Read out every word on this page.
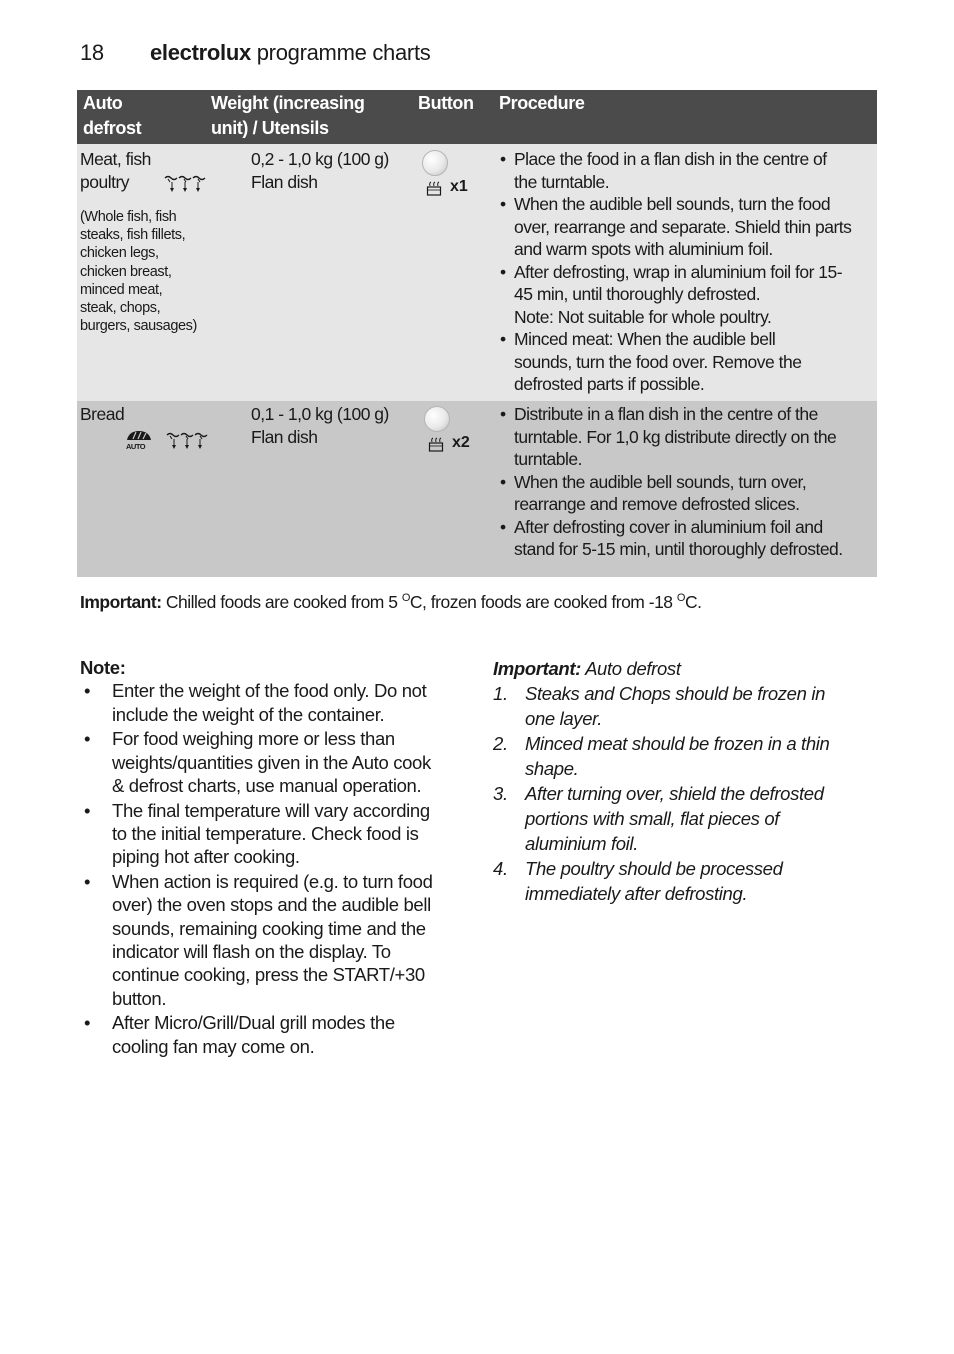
18 electrolux programme charts
Auto
defrost
Weight (increasing
unit) / Utensils
Button Procedure
Meat, fish
poultry
(Whole fish, fish
steaks, fish fillets,
chicken legs,
chicken breast,
minced meat,
steak, chops,
burgers, sausages)
0,2 - 1,0 kg (100 g)
Flan dish	x1
• Place the food in a flan dish in the centre of
the turntable.
• When the audible bell sounds, turn the food
over, rearrange and separate. Shield thin parts
and warm spots with aluminium foil.
• After defrosting, wrap in aluminium foil for 15-
45 min, until thoroughly defrosted.
Note: Not suitable for whole poultry.
• Minced meat: When the audible bell
sounds, turn the food over. Remove the
defrosted parts if possible.
Bread
AUTO
0,1 - 1,0 kg (100 g)
Flan dish	x2
• Distribute in a flan dish in the centre of the
turntable. For 1,0 kg distribute directly on the
turntable.
• When the audible bell sounds, turn over,
rearrange and remove defrosted slices.
• After defrosting cover in aluminium foil and
stand for 5-15 min, until thoroughly defrosted.
Important: Chilled foods are cooked from 5 $^O$C, frozen foods are cooked from -18 $^O$C.
Note:
• Enter the weight of the food only. Do not
include the weight of the container.
• For food weighing more or less than
weights/quantities given in the Auto cook
& defrost charts, use manual operation.
• The final temperature will vary according
to the initial temperature. Check food is
piping hot after cooking.
• When action is required (e.g. to turn food
over) the oven stops and the audible bell
sounds, remaining cooking time and the
indicator will flash on the display. To
continue cooking, press the START/+30
button.
• After Micro/Grill/Dual grill modes the
cooling fan may come on.
Important: Auto defrost
1. Steaks and Chops should be frozen in
one layer.
2. Minced meat should be frozen in a thin
shape.
3. After turning over, shield the defrosted
portions with small, flat pieces of
aluminium foil.
4. The poultry should be processed
immediately after defrosting.
